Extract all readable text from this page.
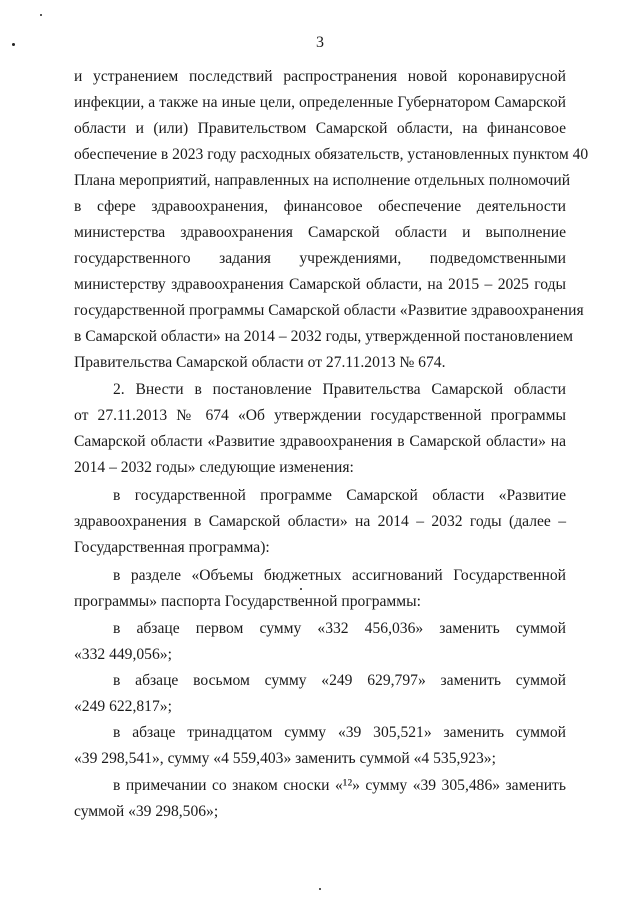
3
и устранением последствий распространения новой коронавирусной
инфекции, а также на иные цели, определенные Губернатором Самарской
области и (или) Правительством Самарской области, на финансовое
обеспечение в 2023 году расходных обязательств, установленных пунктом 40
Плана мероприятий, направленных на исполнение отдельных полномочий
в сфере здравоохранения, финансовое обеспечение деятельности
министерства здравоохранения Самарской области и выполнение
государственного задания учреждениями, подведомственными
министерству здравоохранения Самарской области, на 2015 – 2025 годы
государственной программы Самарской области «Развитие здравоохранения
в Самарской области» на 2014 – 2032 годы, утвержденной постановлением
Правительства Самарской области от 27.11.2013 № 674.
2. Внести в постановление Правительства Самарской области
от 27.11.2013 № 674 «Об утверждении государственной программы
Самарской области «Развитие здравоохранения в Самарской области» на
2014 – 2032 годы» следующие изменения:
в государственной программе Самарской области «Развитие
здравоохранения в Самарской области» на 2014 – 2032 годы (далее –
Государственная программа):
в разделе «Объемы бюджетных ассигнований Государственной
программы» паспорта Государственной программы:
в абзаце первом сумму «332 456,036» заменить суммой
«332 449,056»;
в абзаце восьмом сумму «249 629,797» заменить суммой
«249 622,817»;
в абзаце тринадцатом сумму «39 305,521» заменить суммой
«39 298,541», сумму «4 559,403» заменить суммой «4 535,923»;
в примечании со знаком сноски «¹²» сумму «39 305,486» заменить
суммой «39 298,506»;
